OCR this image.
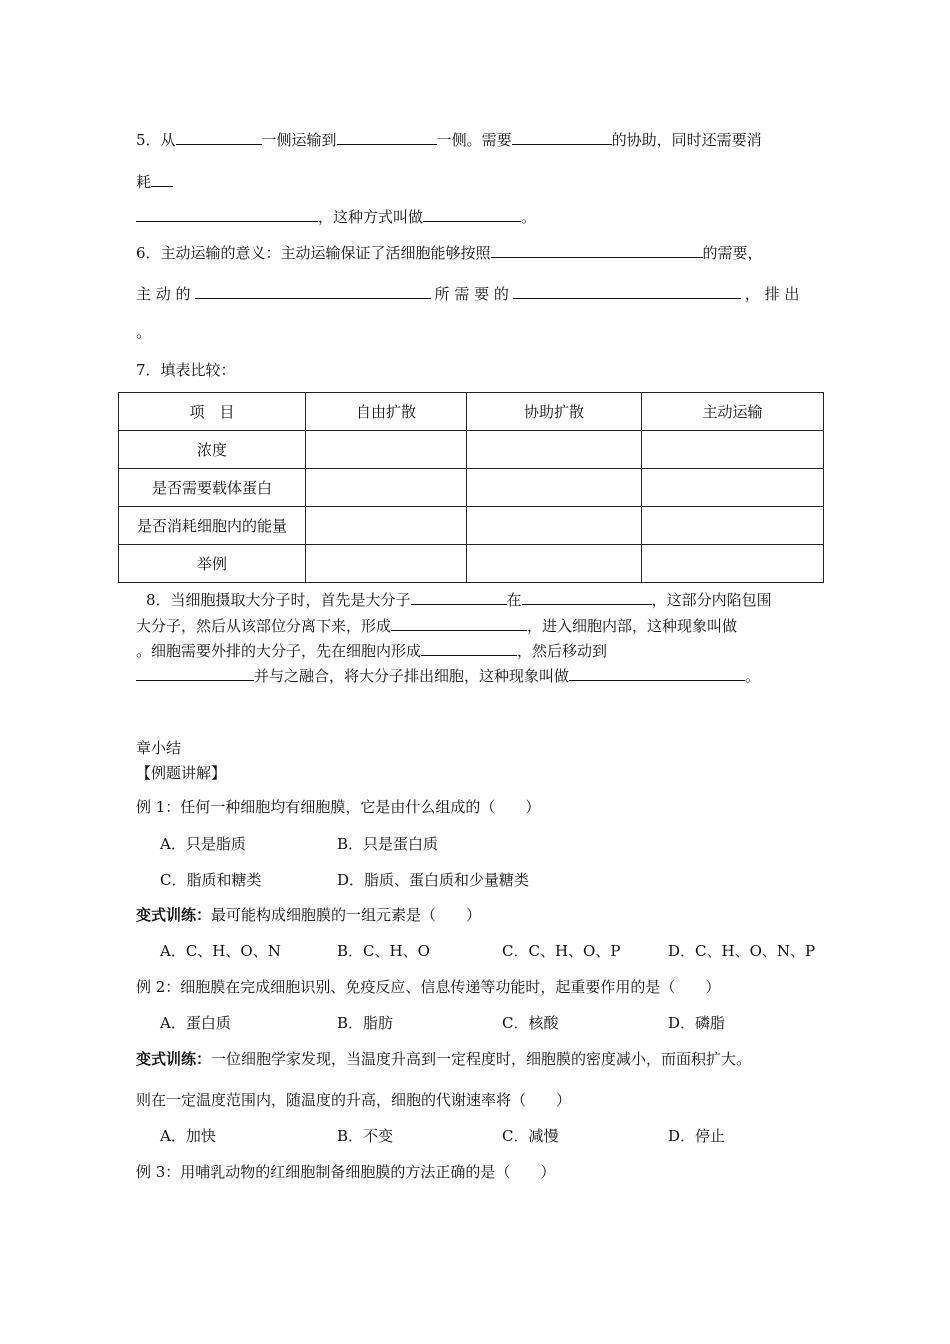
5．从	一侧运输到	一侧。需要	的协助，同时还需要消
耗
，这种方式叫做	。
6．主动运输的意义：主动运输保证了活细胞能够按照	的需要，
主 动 的	所 需 要 的	， 排 出
。
7．填表比较：
项　目	自由扩散	协助扩散	主动运输
浓度			
是否需要载体蛋白			
是否消耗细胞内的能量			
举例			
8．当细胞摄取大分子时，首先是大分子	在	，这部分内陷包围
大分子，然后从该部位分离下来，形成	，进入细胞内部，这种现象叫做
。细胞需要外排的大分子，先在细胞内形成	，然后移动到
并与之融合，将大分子排出细胞，这种现象叫做	。
章小结
【例题讲解】
例 1：任何一种细胞均有细胞膜，它是由什么组成的（　　）
A．只是脂质	B．只是蛋白质
C．脂质和糖类	D．脂质、蛋白质和少量糖类
变式训练：最可能构成细胞膜的一组元素是（　　）
A．C、H、O、N	B．C、H、O	C．C、H、O、P	D．C、H、O、N、P
例 2：细胞膜在完成细胞识别、免疫反应、信息传递等功能时，起重要作用的是（　　）
A．蛋白质	B．脂肪	C．核酸	D．磷脂
变式训练：一位细胞学家发现，当温度升高到一定程度时，细胞膜的密度减小，而面积扩大。
则在一定温度范围内，随温度的升高，细胞的代谢速率将（　　）
A．加快	B．不变	C．减慢	D．停止
例 3：用哺乳动物的红细胞制备细胞膜的方法正确的是（　　）
